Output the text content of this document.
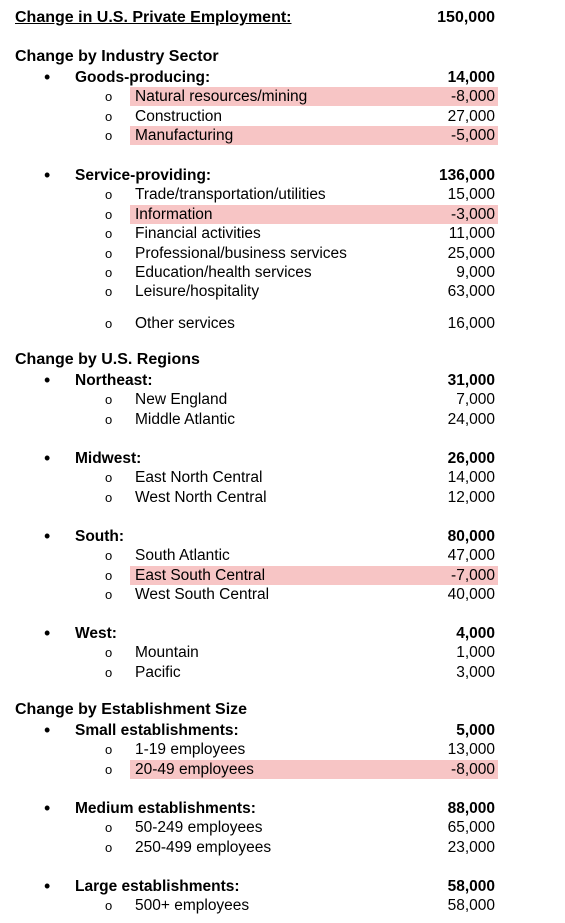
Change in U.S. Private Employment:	150,000
Change by Industry Sector
• Goods-producing:	14,000
o Natural resources/mining	-8,000
o Construction	27,000
o Manufacturing	-5,000
• Service-providing:	136,000
o Trade/transportation/utilities	15,000
o Information	-3,000
o Financial activities	11,000
o Professional/business services	25,000
o Education/health services	9,000
o Leisure/hospitality	63,000
o Other services	16,000
Change by U.S. Regions
• Northeast:	31,000
o New England	7,000
o Middle Atlantic	24,000
• Midwest:	26,000
o East North Central	14,000
o West North Central	12,000
• South:	80,000
o South Atlantic	47,000
o East South Central	-7,000
o West South Central	40,000
• West:	4,000
o Mountain	1,000
o Pacific	3,000
Change by Establishment Size
• Small establishments:	5,000
o 1-19 employees	13,000
o 20-49 employees	-8,000
• Medium establishments:	88,000
o 50-249 employees	65,000
o 250-499 employees	23,000
• Large establishments:	58,000
o 500+ employees	58,000
